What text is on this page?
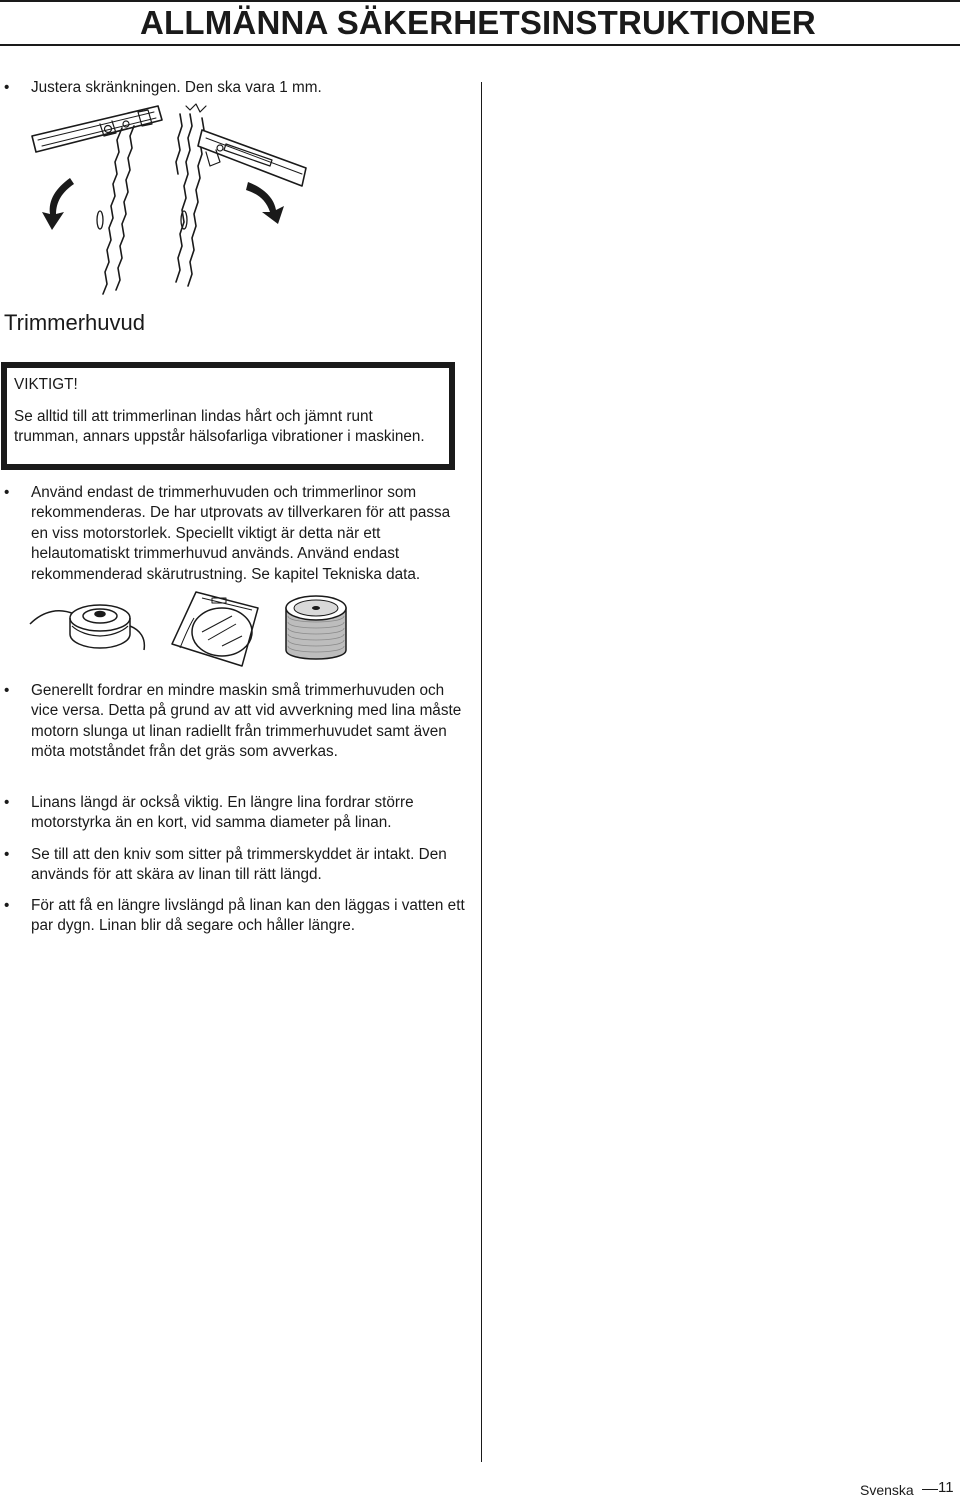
ALLMÄNNA SÄKERHETSINSTRUKTIONER
•	Justera skränkningen. Den ska vara 1 mm.
Trimmerhuvud
VIKTIGT!
Se alltid till att trimmerlinan lindas hårt och jämnt runt trumman, annars uppstår hälsofarliga vibrationer i maskinen.
•	Använd endast de trimmerhuvuden och trimmerlinor som rekommenderas. De har utprovats av tillverkaren för att passa en viss motorstorlek. Speciellt viktigt är detta när ett helautomatiskt trimmerhuvud används. Använd endast rekommenderad skärutrustning. Se kapitel Tekniska data.
•	Generellt fordrar en mindre maskin små trimmerhuvuden och vice versa. Detta på grund av att vid avverkning med lina måste motorn slunga ut linan radiellt från trimmerhuvudet samt även möta motståndet från det gräs som avverkas.
•	Linans längd är också viktig. En längre lina fordrar större motorstyrka än en kort, vid samma diameter på linan.
•	Se till att den kniv som sitter på trimmerskyddet är intakt. Den används för att skära av linan till rätt längd.
•	För att få en längre livslängd på linan kan den läggas i vatten ett par dygn. Linan blir då segare och håller längre.
Svenska 11
